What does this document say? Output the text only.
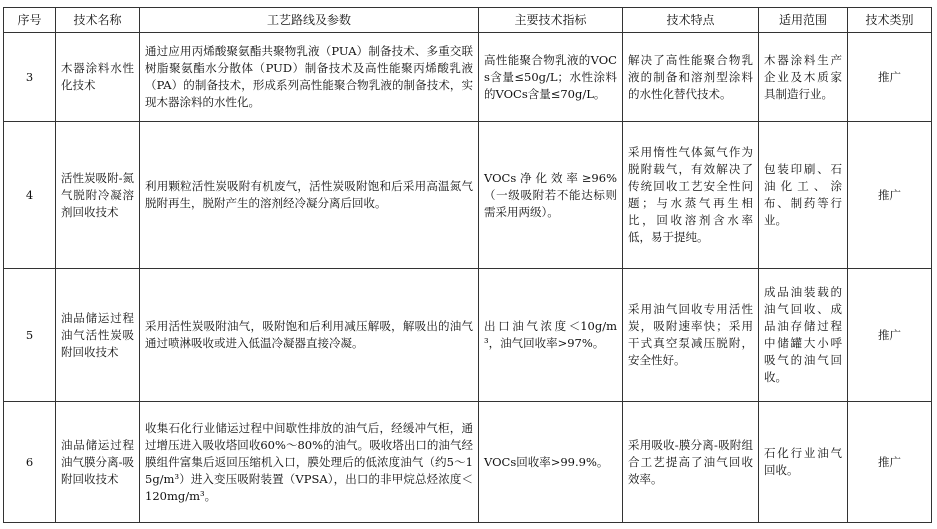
序号	技术名称	工艺路线及参数	主要技术指标	技术特点	适用范围	技术类别
3	木器涂料水性化技术	通过应用丙烯酸聚氨酯共聚物乳液（PUA）制备技术、多重交联树脂聚氨酯水分散体（PUD）制备技术及高性能聚丙烯酸乳液（PA）的制备技术，形成系列高性能聚合物乳液的制备技术，实现木器涂料的水性化。	高性能聚合物乳液的VOCs含量≤50g/L；水性涂料的VOCs含量≤70g/L。	解决了高性能聚合物乳液的制备和溶剂型涂料的水性化替代技术。	木器涂料生产企业及木质家具制造行业。	推广
4	活性炭吸附-氮气脱附冷凝溶剂回收技术	利用颗粒活性炭吸附有机废气，活性炭吸附饱和后采用高温氮气脱附再生，脱附产生的溶剂经冷凝分离后回收。	VOCs净化效率≥96%（一级吸附若不能达标则需采用两级）。	采用惰性气体氮气作为脱附载气，有效解决了传统回收工艺安全性问题；与水蒸气再生相比，回收溶剂含水率低，易于提纯。	包装印刷、石油化工、涂布、制药等行业。	推广
5	油品储运过程油气活性炭吸附回收技术	采用活性炭吸附油气，吸附饱和后利用减压解吸，解吸出的油气通过喷淋吸收或进入低温冷凝器直接冷凝。	出口油气浓度＜10g/m³，油气回收率>97%。	采用油气回收专用活性炭，吸附速率快；采用干式真空泵减压脱附，安全性好。	成品油装载的油气回收、成品油存储过程中储罐大小呼吸气的油气回收。	推广
6	油品储运过程油气膜分离-吸附回收技术	收集石化行业储运过程中间歇性排放的油气后，经缓冲气柜，通过增压进入吸收塔回收60%～80%的油气。吸收塔出口的油气经膜组件富集后返回压缩机入口，膜处理后的低浓度油气（约5～15g/m³）进入变压吸附装置（VPSA），出口的非甲烷总烃浓度＜120mg/m³。	VOCs回收率>99.9%。	采用吸收-膜分离-吸附组合工艺提高了油气回收效率。	石化行业油气回收。	推广
